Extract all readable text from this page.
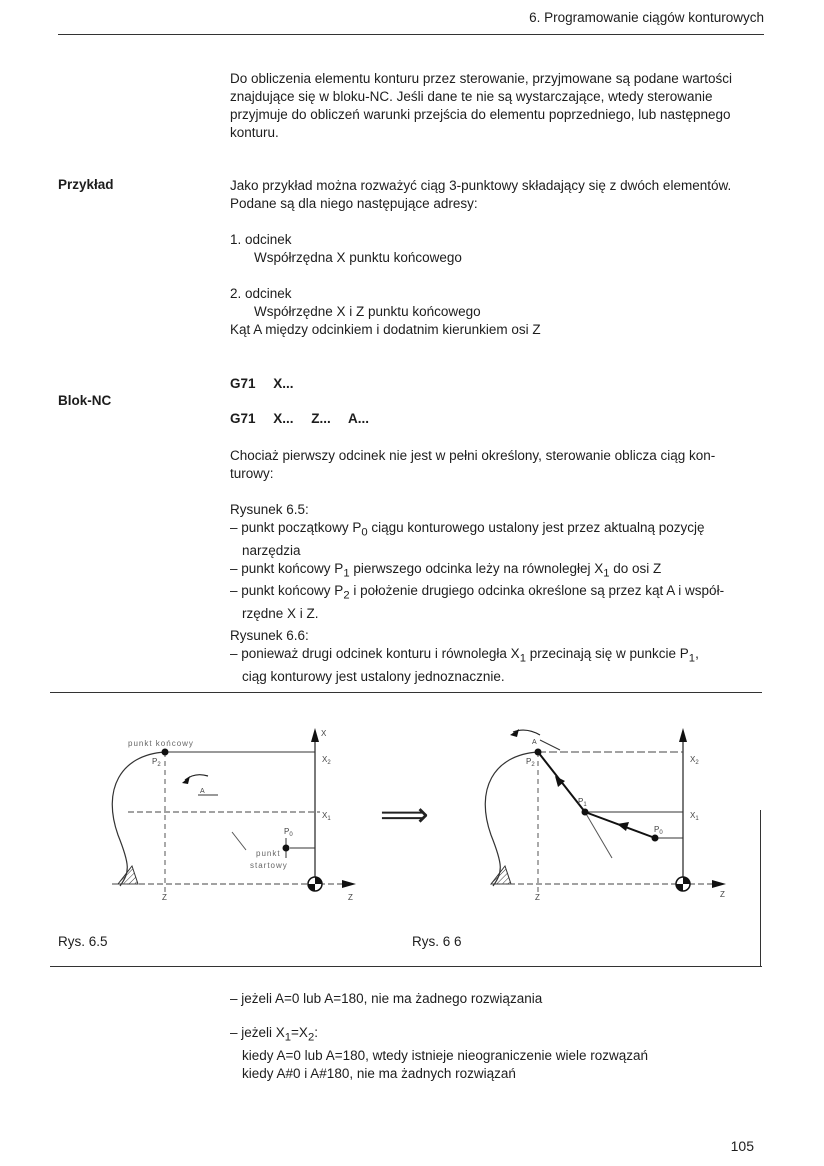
6. Programowanie ciągów konturowych
Do obliczenia elementu konturu przez sterowanie, przyjmowane są podane wartości
znajdujące się w bloku-NC. Jeśli dane te nie są wystarczające, wtedy sterowanie
przyjmuje do obliczeń warunki przejścia do elementu poprzedniego, lub następnego
konturu.
Przykład	Jako przykład można rozważyć ciąg 3-punktowy składający się z dwóch elementów.
Podane są dla niego następujące adresy:
1. odcinek
Współrzędna X punktu końcowego
2. odcinek
Współrzędne X i Z punktu końcowego
Kąt A między odcinkiem i dodatnim kierunkiem osi Z
G71 X...
Blok-NC
G71 X... Z... A...
Chociaż pierwszy odcinek nie jest w pełni określony, sterowanie oblicza ciąg kon-
turowy:
Rysunek 6.5:
– punkt początkowy $P_0$ ciągu konturowego ustalony jest przez aktualną pozycję
narzędzia
– punkt końcowy $P_1$ pierwszego odcinka leży na równoległej $X_1$ do osi Z
– punkt końcowy $P_2$ i położenie drugiego odcinka określone są przez kąt A i współ-
rzędne X i Z.
Rysunek 6.6:
– ponieważ drugi odcinek konturu i równoległa $X_1$ przecinają się w punkcie $P_1$,
ciąg konturowy jest ustalony jednoznacznie.
punkt końcowy
$P_2$
A
X
$X_2$
$X_1$
$P_0$
punkt
startowy
Z	Z
⟹
A
$P_2$
$P_1$
$P_0$
$X_2$
$X_1$
Z	Z
Rys. 6.5	Rys. 6 6
– jeżeli A=0 lub A=180, nie ma żadnego rozwiązania
– jeżeli $X_1=X_2$:
kiedy A=0 lub A=180, wtedy istnieje nieograniczenie wiele rozwązań
kiedy A#0 i A#180, nie ma żadnych rozwiązań
105
